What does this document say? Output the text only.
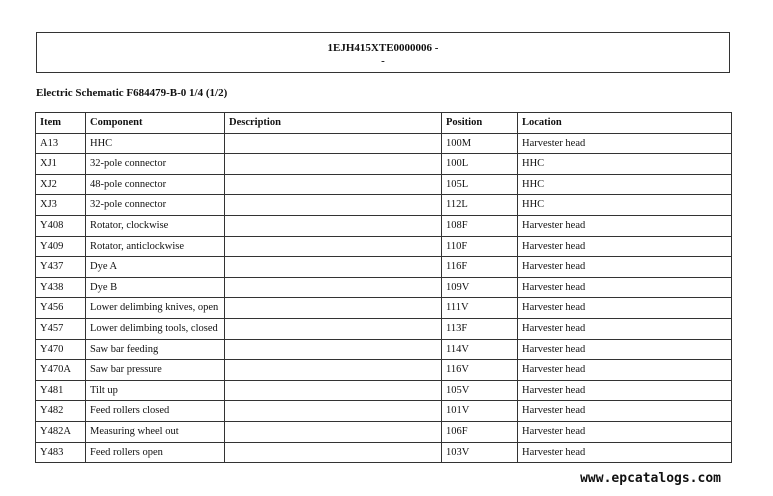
1EJH415XTE0000006 -
-
Electric Schematic F684479-B-0 1/4 (1/2)
Item	Component	Description	Position	Location
A13	HHC		100M	Harvester head
XJ1	32-pole connector		100L	HHC
XJ2	48-pole connector		105L	HHC
XJ3	32-pole connector		112L	HHC
Y408	Rotator, clockwise		108F	Harvester head
Y409	Rotator, anticlockwise		110F	Harvester head
Y437	Dye A		116F	Harvester head
Y438	Dye B		109V	Harvester head
Y456	Lower delimbing knives, open		111V	Harvester head
Y457	Lower delimbing tools, closed		113F	Harvester head
Y470	Saw bar feeding		114V	Harvester head
Y470A	Saw bar pressure		116V	Harvester head
Y481	Tilt up		105V	Harvester head
Y482	Feed rollers closed		101V	Harvester head
Y482A	Measuring wheel out		106F	Harvester head
Y483	Feed rollers open		103V	Harvester head
www.epcatalogs.com
